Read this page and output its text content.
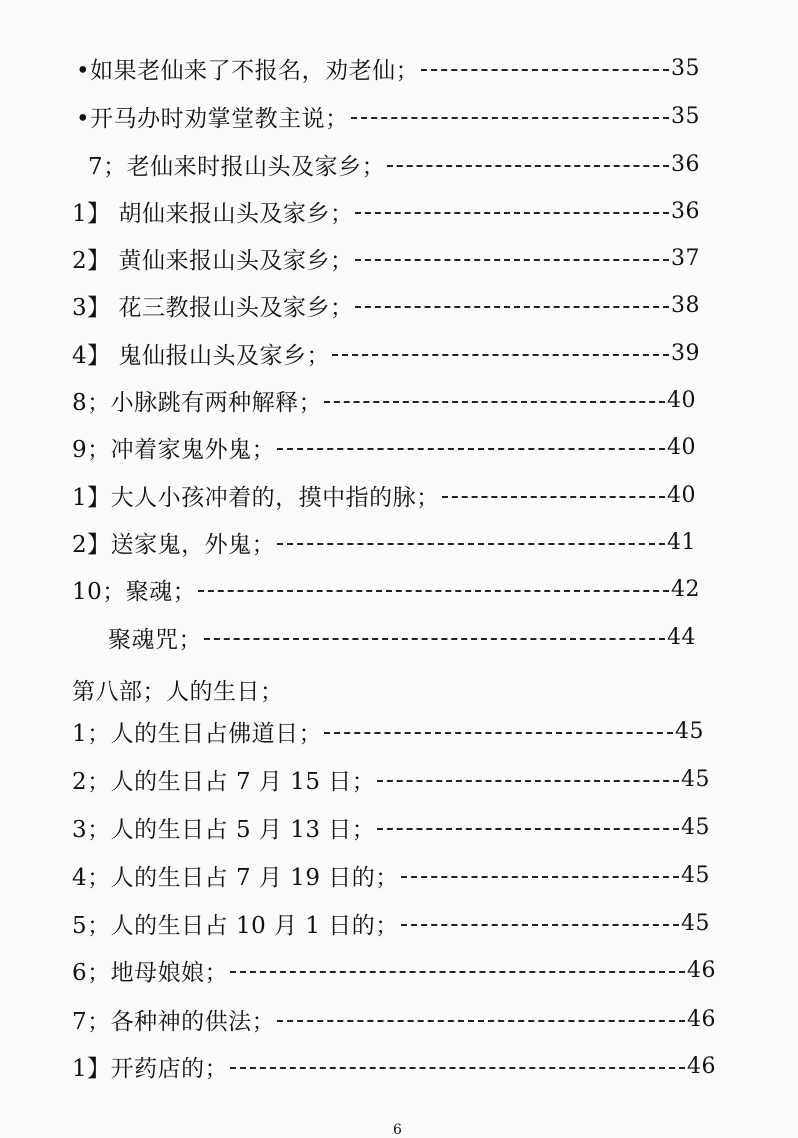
•如果老仙来了不报名，劝老仙；	35
•开马办时劝掌堂教主说；	35
7；老仙来时报山头及家乡；	36
1】 胡仙来报山头及家乡；	36
2】 黄仙来报山头及家乡；	37
3】 花三教报山头及家乡；	38
4】 鬼仙报山头及家乡；	39
8；小脉跳有两种解释；	40
9；冲着家鬼外鬼；	40
1】大人小孩冲着的，摸中指的脉；	40
2】送家鬼，外鬼；	41
10；聚魂；	42
聚魂咒；	44
第八部；人的生日；
1；人的生日占佛道日；	45
2；人的生日占 7 月 15 日；	45
3；人的生日占 5 月 13 日；	45
4；人的生日占 7 月 19 日的；	45
5；人的生日占 10 月 1 日的；	45
6；地母娘娘；	46
7；各种神的供法；	46
1】开药店的；	46
6
